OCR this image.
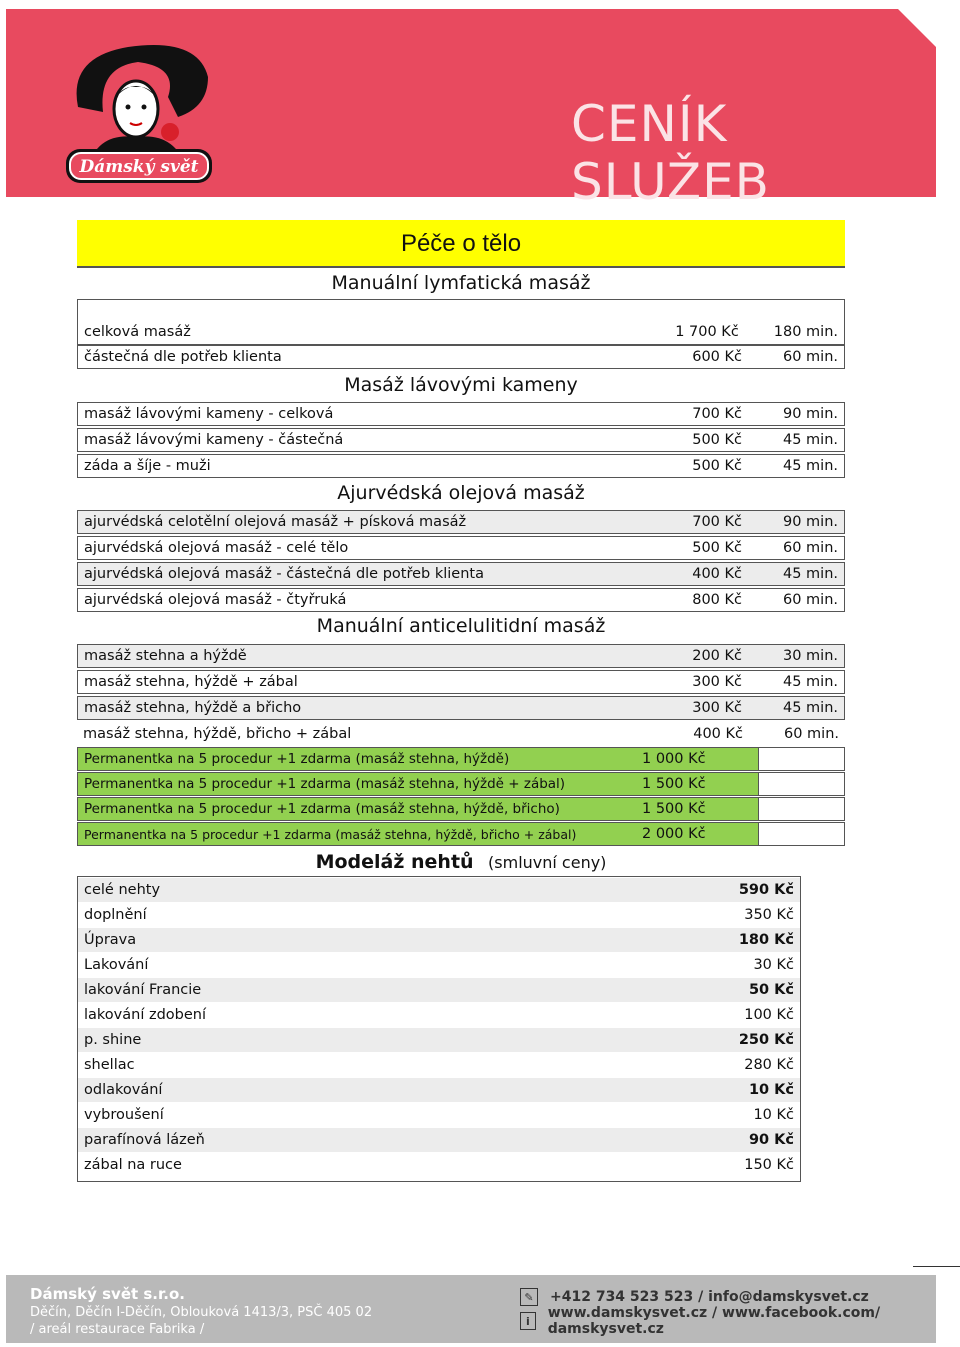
Dámský svět
CENÍK SLUŽEB
Péče o tělo
Manuální lymfatická masáž
celková masáž	1 700 Kč	180 min.
částečná dle potřeb klienta	600 Kč	60 min.
Masáž lávovými kameny
masáž lávovými kameny - celková	700 Kč	90 min.
masáž lávovými kameny - částečná	500 Kč	45 min.
záda a šíje - muži	500 Kč	45 min.
Ajurvédská olejová masáž
ajurvédská celotělní olejová masáž + písková masáž	700 Kč	90 min.
ajurvédská olejová masáž - celé tělo	500 Kč	60 min.
ajurvédská olejová masáž - částečná dle potřeb klienta	400 Kč	45 min.
ajurvédská olejová masáž - čtyřruká	800 Kč	60 min.
Manuální anticelulitidní masáž
masáž stehna a hýždě	200 Kč	30 min.
masáž stehna, hýždě + zábal	300 Kč	45 min.
masáž stehna, hýždě a břicho	300 Kč	45 min.
masáž stehna, hýždě, břicho + zábal	400 Kč	60 min.
Permanentka na 5 procedur +1 zdarma (masáž stehna, hýždě)	1 000 Kč
Permanentka na 5 procedur +1 zdarma (masáž stehna, hýždě + zábal)	1 500 Kč
Permanentka na 5 procedur +1 zdarma (masáž stehna, hýždě, břicho)	1 500 Kč
Permanentka na 5 procedur +1 zdarma (masáž stehna, hýždě, břicho + zábal)	2 000 Kč
Modeláž nehtů (smluvní ceny)
celé nehty	590 Kč
doplnění	350 Kč
Úprava	180 Kč
Lakování	30 Kč
lakování Francie	50 Kč
lakování zdobení	100 Kč
p. shine	250 Kč
shellac	280 Kč
odlakování	10 Kč
vybroušení	10 Kč
parafínová lázeň	90 Kč
zábal na ruce	150 Kč
Dámský svět s.r.o.
Děčín, Děčín I-Děčín, Oblouková 1413/3, PSČ 405 02
/ areál restaurace Fabrika /
✎	+412 734 523 523 / info@damskysvet.cz
i	www.damskysvet.cz / www.facebook.com/ damskysvet.cz
